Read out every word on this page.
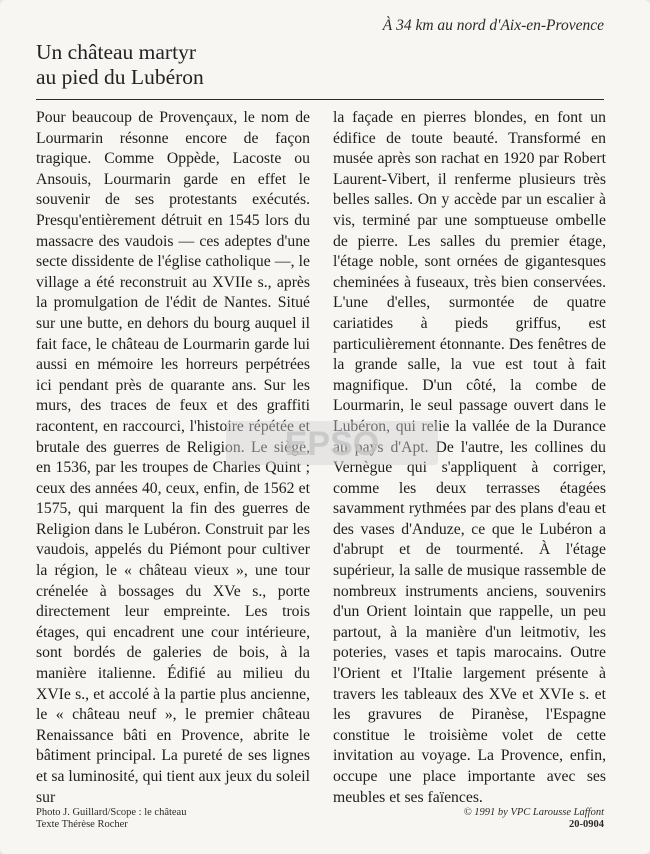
À 34 km au nord d'Aix-en-Provence
Un château martyr
au pied du Lubéron

Pour beaucoup de Provençaux, le nom de Lourmarin résonne encore de façon tragique. Comme Oppède, Lacoste ou Ansouis, Lourmarin garde en effet le souvenir de ses protestants exécutés. Presqu'entièrement détruit en 1545 lors du massacre des vaudois — ces adeptes d'une secte dissidente de l'église catholique —, le village a été reconstruit au XVIIe s., après la promulgation de l'édit de Nantes. Situé sur une butte, en dehors du bourg auquel il fait face, le château de Lourmarin garde lui aussi en mémoire les horreurs perpétrées ici pendant près de quarante ans. Sur les murs, des traces de feux et des graffiti racontent, en raccourci, l'histoire répétée et brutale des guerres de Religion. Le siège, en 1536, par les troupes de Charles Quint ; ceux des années 40, ceux, enfin, de 1562 et 1575, qui marquent la fin des guerres de Religion dans le Lubéron. Construit par les vaudois, appelés du Piémont pour cultiver la région, le « château vieux », une tour crénelée à bossages du XVe s., porte directement leur empreinte. Les trois étages, qui encadrent une cour intérieure, sont bordés de galeries de bois, à la manière italienne. Édifié au milieu du XVIe s., et accolé à la partie plus ancienne, le « château neuf », le premier château Renaissance bâti en Provence, abrite le bâtiment principal. La pureté de ses lignes et sa luminosité, qui tient aux jeux du soleil sur

la façade en pierres blondes, en font un édifice de toute beauté. Transformé en musée après son rachat en 1920 par Robert Laurent-Vibert, il renferme plusieurs très belles salles. On y accède par un escalier à vis, terminé par une somptueuse ombelle de pierre. Les salles du premier étage, l'étage noble, sont ornées de gigantesques cheminées à fuseaux, très bien conservées. L'une d'elles, surmontée de quatre cariatides à pieds griffus, est particulièrement étonnante. Des fenêtres de la grande salle, la vue est tout à fait magnifique. D'un côté, la combe de Lourmarin, le seul passage ouvert dans le Lubéron, qui relie la vallée de la Durance au pays d'Apt. De l'autre, les collines du Vernègue qui s'appliquent à corriger, comme les deux terrasses étagées savamment rythmées par des plans d'eau et des vases d'Anduze, ce que le Lubéron a d'abrupt et de tourmenté. À l'étage supérieur, la salle de musique rassemble de nombreux instruments anciens, souvenirs d'un Orient lointain que rappelle, un peu partout, à la manière d'un leitmotiv, les poteries, vases et tapis marocains. Outre l'Orient et l'Italie largement présente à travers les tableaux des XVe et XVIe s. et les gravures de Piranèse, l'Espagne constitue le troisième volet de cette invitation au voyage. La Provence, enfin, occupe une place importante avec ses meubles et ses faïences.

EPSO
Photo J. Guillard/Scope : le château
Texte Thérèse Rocher
© 1991 by VPC Larousse Laffont
20-0904
